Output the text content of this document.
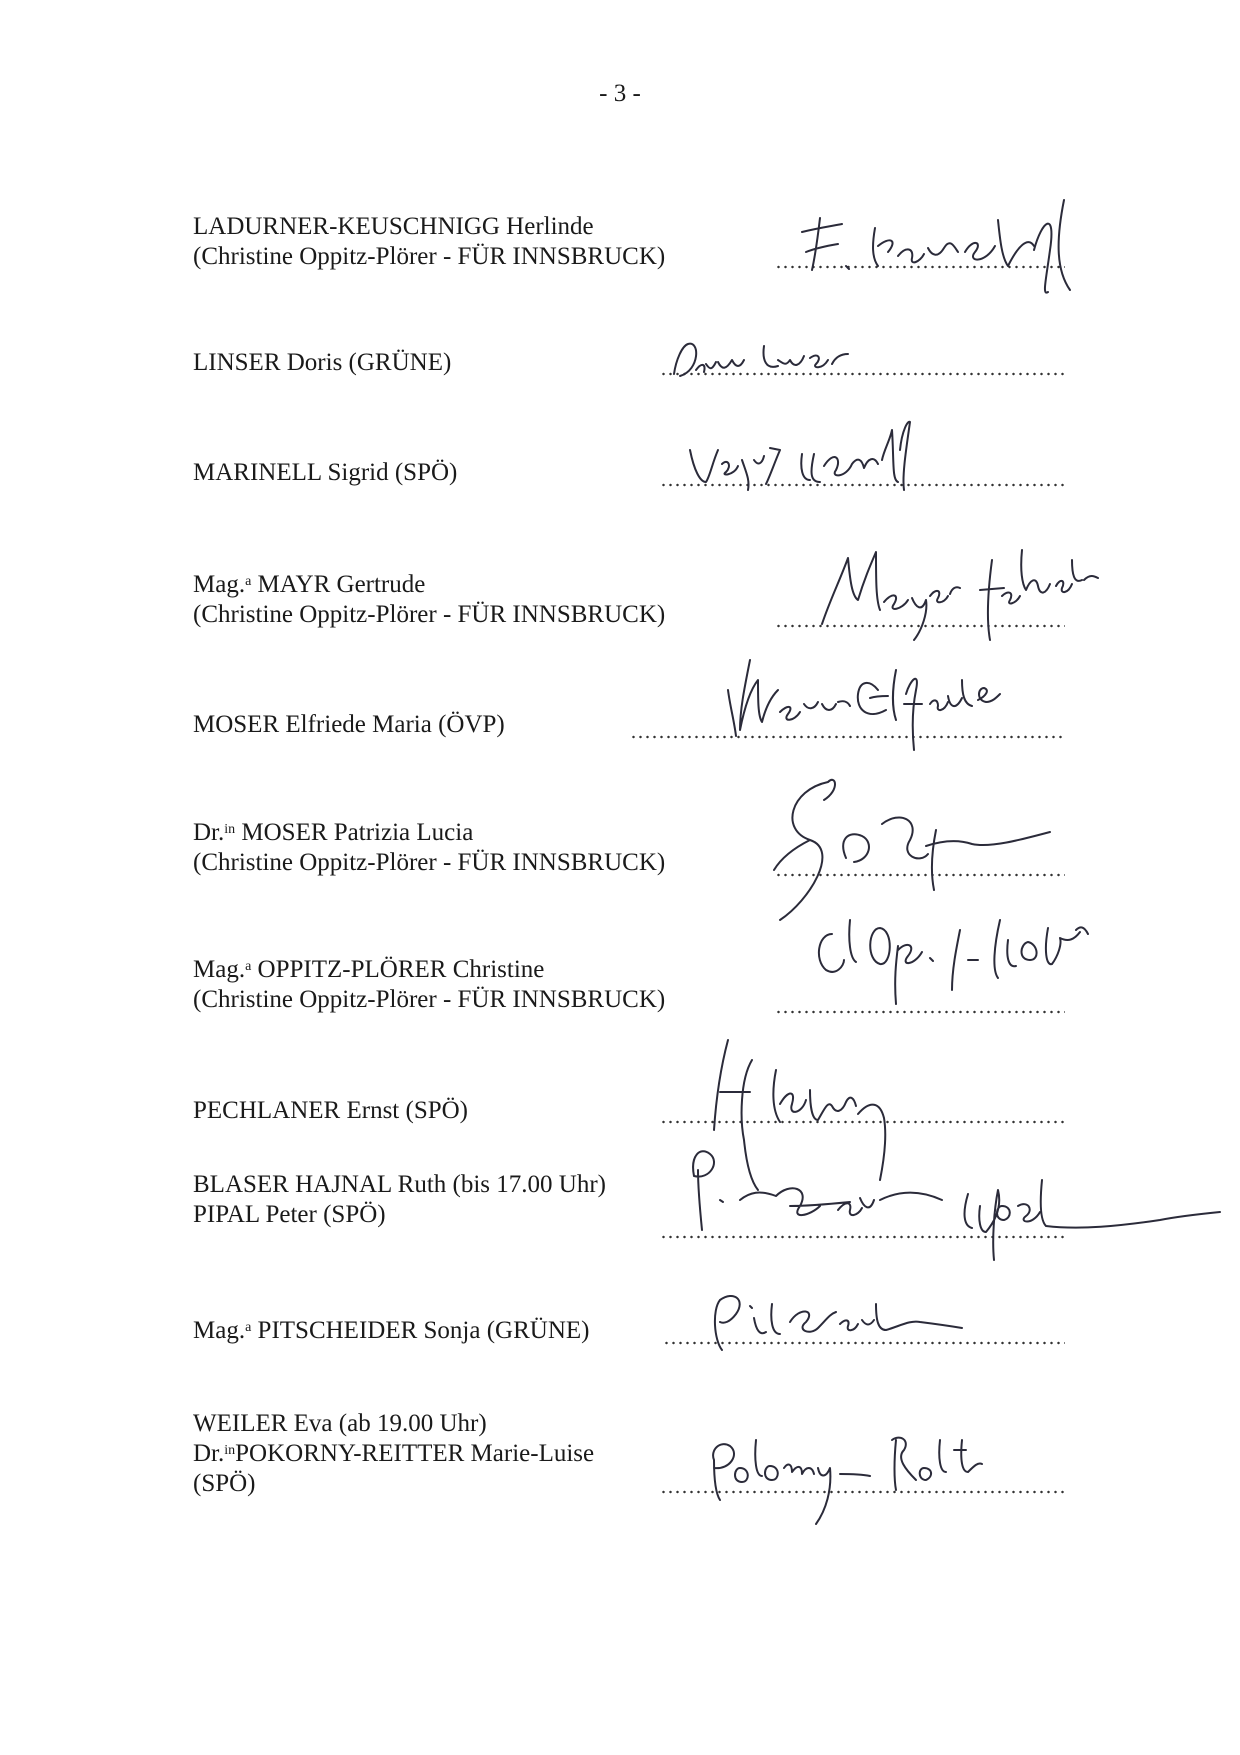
- 3 -
LADURNER-KEUSCHNIGG Herlinde
(Christine Oppitz-Plörer - FÜR INNSBRUCK)
LINSER Doris (GRÜNE)
MARINELL Sigrid (SPÖ)
Mag.$^a$ MAYR Gertrude
(Christine Oppitz-Plörer - FÜR INNSBRUCK)
MOSER Elfriede Maria (ÖVP)
Dr.$^{in}$ MOSER Patrizia Lucia
(Christine Oppitz-Plörer - FÜR INNSBRUCK)
Mag.$^a$ OPPITZ-PLÖRER Christine
(Christine Oppitz-Plörer - FÜR INNSBRUCK)
PECHLANER Ernst (SPÖ)
BLASER HAJNAL Ruth (bis 17.00 Uhr)
PIPAL Peter (SPÖ)
Mag.$^a$ PITSCHEIDER Sonja (GRÜNE)
WEILER Eva (ab 19.00 Uhr)
Dr.$^{in}$POKORNY-REITTER Marie-Luise
(SPÖ)
